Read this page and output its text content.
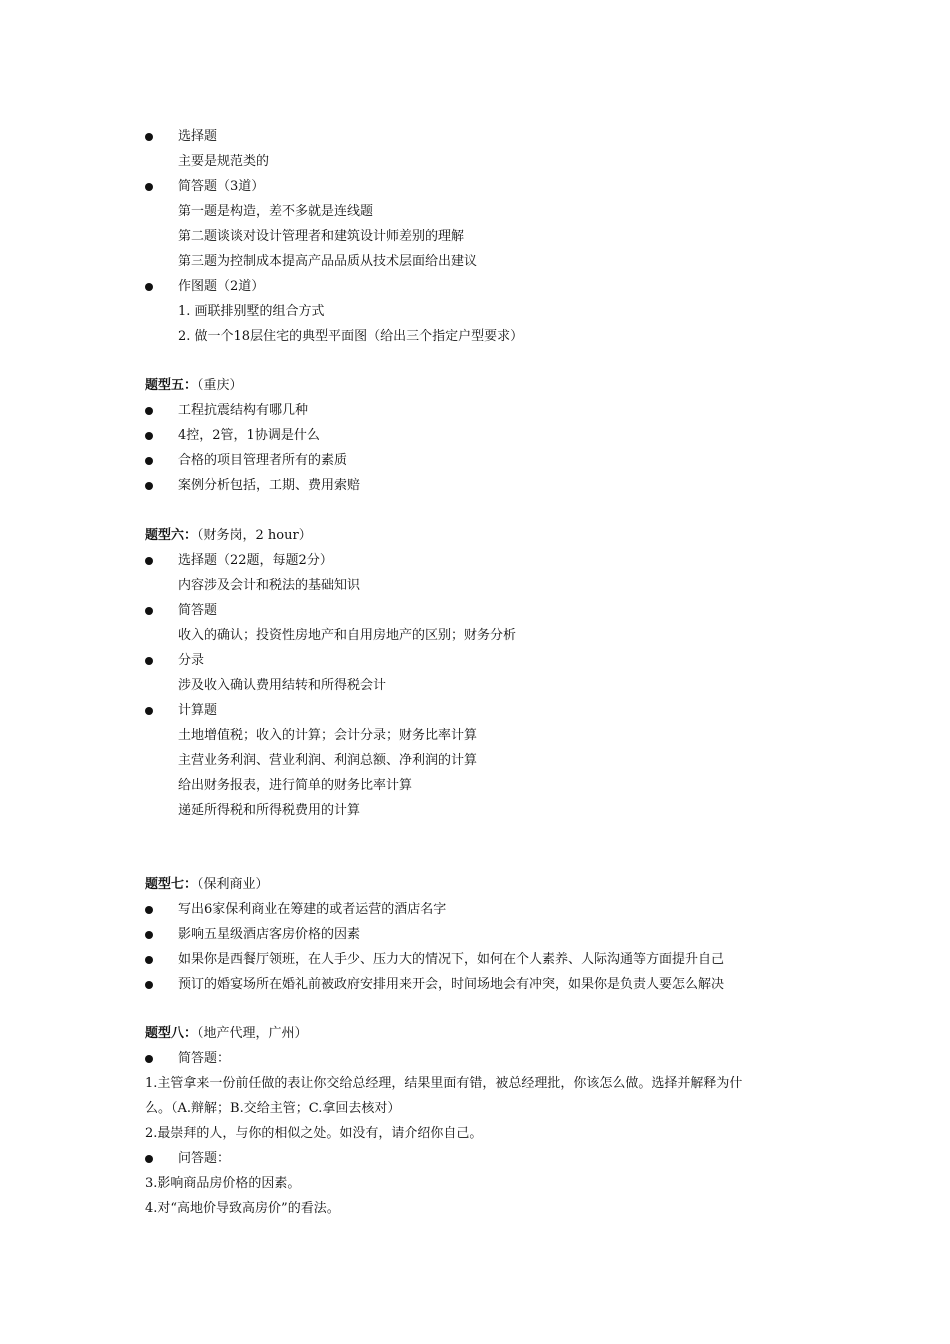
选择题
主要是规范类的
简答题（3道）
第一题是构造，差不多就是连线题
第二题谈谈对设计管理者和建筑设计师差别的理解
第三题为控制成本提高产品品质从技术层面给出建议
作图题（2道）
1. 画联排别墅的组合方式
2. 做一个18层住宅的典型平面图（给出三个指定户型要求）
题型五：（重庆）
工程抗震结构有哪几种
4控，2管，1协调是什么
合格的项目管理者所有的素质
案例分析包括，工期、费用索赔
题型六：（财务岗，2 hour）
选择题（22题，每题2分）
内容涉及会计和税法的基础知识
简答题
收入的确认；投资性房地产和自用房地产的区别；财务分析
分录
涉及收入确认费用结转和所得税会计
计算题
土地增值税；收入的计算；会计分录；财务比率计算
主营业务利润、营业利润、利润总额、净利润的计算
给出财务报表，进行简单的财务比率计算
递延所得税和所得税费用的计算
题型七：（保利商业）
写出6家保利商业在筹建的或者运营的酒店名字
影响五星级酒店客房价格的因素
如果你是西餐厅领班，在人手少、压力大的情况下，如何在个人素养、人际沟通等方面提升自己
预订的婚宴场所在婚礼前被政府安排用来开会，时间场地会有冲突，如果你是负责人要怎么解决
题型八：（地产代理，广州）
简答题：
1.主管拿来一份前任做的表让你交给总经理，结果里面有错，被总经理批，你该怎么做。选择并解释为什
么。（A.辩解；B.交给主管；C.拿回去核对）
2.最崇拜的人，与你的相似之处。如没有，请介绍你自己。
问答题：
3.影响商品房价格的因素。
4.对“高地价导致高房价”的看法。
